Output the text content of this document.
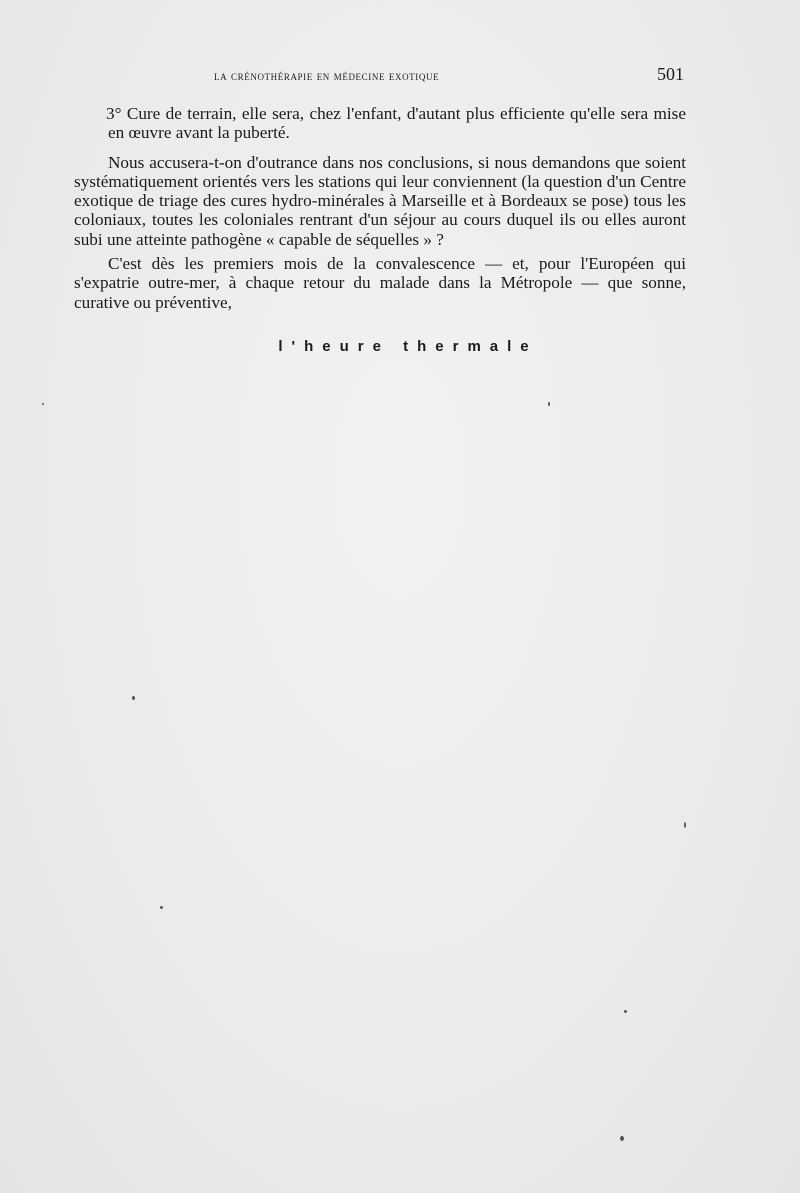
la crénothérapie en médecine exotique	501

3° Cure de terrain, elle sera, chez l'enfant, d'autant plus efficiente qu'elle sera mise en œuvre avant la puberté.

Nous accusera-t-on d'outrance dans nos conclusions, si nous demandons que soient systématiquement orientés vers les stations qui leur conviennent (la question d'un Centre exotique de triage des cures hydro-minérales à Marseille et à Bordeaux se pose) tous les coloniaux, toutes les coloniales rentrant d'un séjour au cours duquel ils ou elles auront subi une atteinte pathogène « capable de séquelles » ?

C'est dès les premiers mois de la convalescence — et, pour l'Européen qui s'expatrie outre-mer, à chaque retour du malade dans la Métropole — que sonne, curative ou préventive,

l'heure thermale
